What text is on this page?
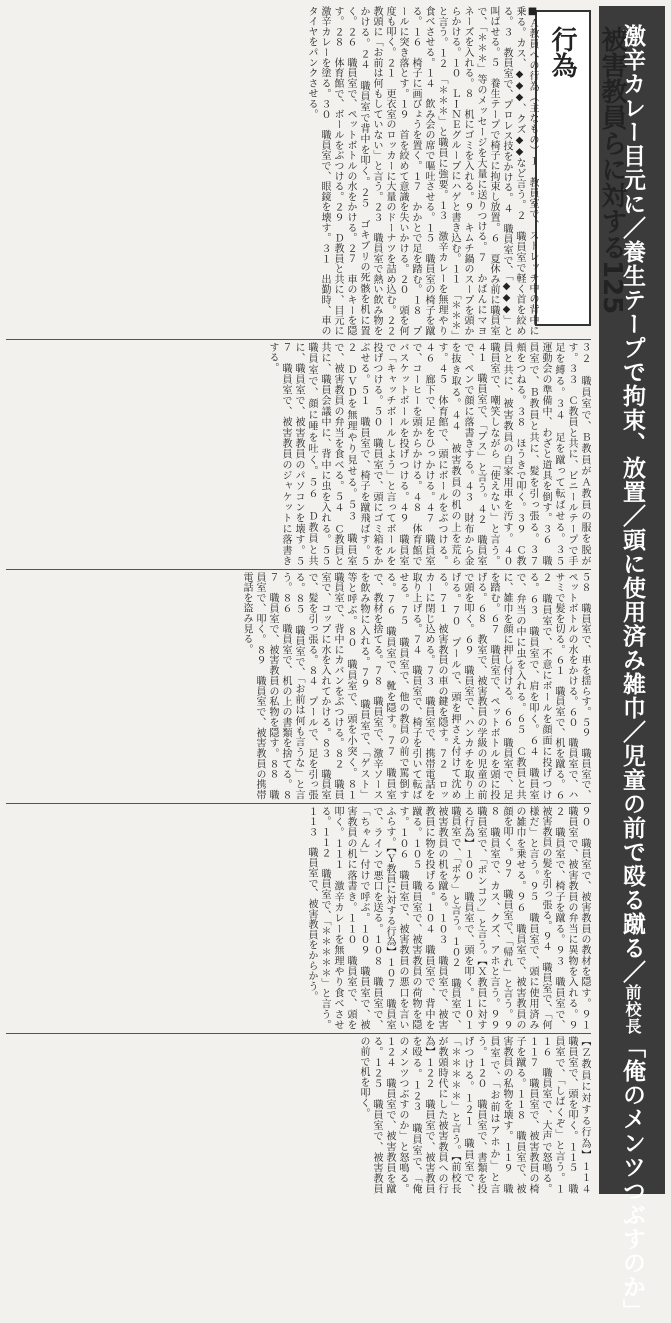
激辛カレー目元に／養生テープで拘束、放置／頭に使用済み雑巾／児童の前で殴る蹴る／前校長「俺のメンツつぶすのか」
被害教員らに対する125行為
■Ａ教員への行為（主なもの）１　教員室で、ストレッチ中の背中に乗る。カス、◆◆◆、クズ◆◆など言う。２　職員室で軽く首を絞める。３　教員室で、プロレス技をかける。４　職員室で、「◆◆◆」と叫ばせる。５　養生テープで椅子に拘束し放置。６　夏休み前に職員室で、「＊＊＊」等のメッセージを大量に送りつける。７　かばんにマヨネーズを入れる。８　机にゴミを入れる。９　キムチ鍋のスープを頭からかける。１０　ＬＩＮＥグループにハゲと書き込む。１１　「＊＊＊」と言う。１２　「＊＊＊」と職員に強要。１３　激辛カレーを無理やり食べさせる。１４　飲み会の席で嘔吐させる。１５　職員室の椅子を蹴る。１６　椅子に画びょうを置く。１７　かかとで足を踏む。１８　プールに突き落とす。１９　首を絞めて意識を失いかける。２０　頭を何度も叩く。２１　更衣室のロッカーに大量のドーナツを詰め込む。２２　教頭に「お前は何もしていない」と言う。２３　職員室で熱い飲み物をかける。２４　職員室で背中を叩く。２５　ゴキブリの死骸を机に置く。２６　職員室で、ペットボトルの水をかける。２７　車のキーを隠す。２８　体育館で、ボールをぶつける。２９　Ｄ教員と共に、目元に激辛カレーを塗る。３０　職員室で、眼鏡を壊す。３１　出勤時、車のタイヤをパンクさせる。
３２　職員室で、Ｂ教員がＡ教員の服を脱がす。３３　Ｃ教員と共に、ビニールテープで手足を縛る。３４　足を蹴って転ばせる。３５　運動会の準備中、わざと道具を倒す。３６　職員室で、Ｂ教員と共に、髪を引っ張る。３７　頬をつねる。３８　ほうきで叩く。３９　Ｃ教員と共に、被害教員の自家用車を汚す。４０　職員室で、嘲笑しながら「使えない」と言う。４１　職員室で、「ブス」と言う。４２　職員室で、ペンで顔に落書きする。４３　財布から金を抜き取る。４４　被害教員の机の上を荒らす。４５　体育館で、頭にボールをぶつける。４６　廊下で、足をひっかける。４７　職員室で、コーヒーを頭からかける。４８　体育館でバスケットボールを投げつける。４９　職員室で「キャッチボールしよう」と言ってボールを投げつける。５０　職員室で、頭にゴミ箱をかぶせる。５１　職員室で、椅子を蹴飛ばす。５２　ＤＶＤを無理やり見せる。５３　職員室で、被害教員の弁当を食べる。５４　Ｃ教員と共に、職員会議中に、背中に虫を入れる。５５　職員室で、顔に唾を吐く。５６　Ｄ教員と共に、職員室で、被害教員のパソコンを壊す。５７　職員室で、被害教員のジャケットに落書きする。
５８　職員室で、車を揺らす。５９　職員室で、ペットボトルの水をかける。６０　職員室で、ハサミで髪を切る。６１　職員室で、机を蹴る。６２　職員室で、不意にボールを顔面に投げつける。６３　職員室で、肩を叩く。６４　職員室で、弁当の中に虫を入れる。６５　Ｃ教員と共に、雑巾を顔に押し付ける。６６　職員室で、足を踏む。６７　職員室で、ペットボトルを頭に投げる。６８　教室で、被害教員の学級の児童の前で頭を叩く。６９　職員室で、ハンカチを取り上げる。７０　プールで、頭を押さえ付けて沈める。７１　被害教員の車の鍵を隠す。７２　ロッカーに閉じ込める。７３　職員室で、携帯電話を取り上げる。７４　職員室で、椅子を引いて転ばせる。７５　職員室で、他の教員の前で罵倒する。７６　職員室で、靴を隠す。７７　職員室で、教材を捨てる。７８　職員室で、激辛ソースを飲み物に入れる。７９　職員室で、「ゲスト」等と呼ぶ。８０　職員室で、頭を小突く。８１　職員室で、背中にカバンをぶつける。８２　職員室で、コップに水を入れてかける。８３　職員室で、髪を引っ張る。８４　プールで、足を引っ張る。８５　職員室で、「お前は何も言うな」と言う。８６　職員室で、机の上の書類を捨てる。８７　職員室で、被害教員の私物を隠す。８８　職員室で、叩く。８９　職員室で、被害教員の携帯電話を盗み見る。
９０　職員室で、被害教員の教材を隠す。９１　職員室で、被害教員の弁当に異物を入れる。９２　職員室で、椅子を蹴る。９３　職員室で、被害教員の髪を引っ張る。９４　職員室で、「何様だ」と言う。９５　職員室で、頭に使用済みの雑巾を乗せる。９６　職員室で、被害教員の顔を叩く。９７　職員室で、「帰れ」と言う。９８　職員室で、カス、クズ、アホと言う。９９　職員室で、「ポンコツ」と言う。【Ｘ教員に対する行為】１００　職員室で、頭を叩く。１０１　職員室で、「ボケ」と言う。１０２　職員室で、被害教員の机を蹴る。１０３　職員室で、被害教員に物を投げる。１０４　職員室で、背中を蹴る。１０５　職員室で、被害教員の荷物を隠す。１０６　職員室で、被害教員の悪口を言いふらす。【Ｙ教員に対する行為】１０７　職員室で、ラインで悪口を送る。１０８　職員室で、「ちゃん」付けで呼ぶ。１０９　職員室で、被害教員の机に落書き。１１０　職員室で、頭を叩く。１１１　激辛カレーを無理やり食べさせる。１１２　職員室で、「＊＊＊＊＊」と言う。１１３　職員室で、被害教員をからかう。
【Ｚ教員に対する行為】１１４　職員室で、頭を叩く。１１５　職員室で、「しばくぞ」と言う。１１６　職員室で、大声で怒鳴る。１１７　職員室で、被害教員の椅子を蹴る。１１８　職員室で、被害教員の私物を壊す。１１９　職員室で、「お前はアホか」と言う。１２０　職員室で、書類を投げつける。１２１　職員室で、「＊＊＊＊＊」と言う。【前校長が教頭時代にした被害教員への行為】１２２　職員室で、被害教員を殴る。１２３　職員室で、「俺のメンツつぶすのか」と怒鳴る。１２４　職員室で、被害教員を蹴る。１２５　職員室で、被害教員の前で机を叩く。
